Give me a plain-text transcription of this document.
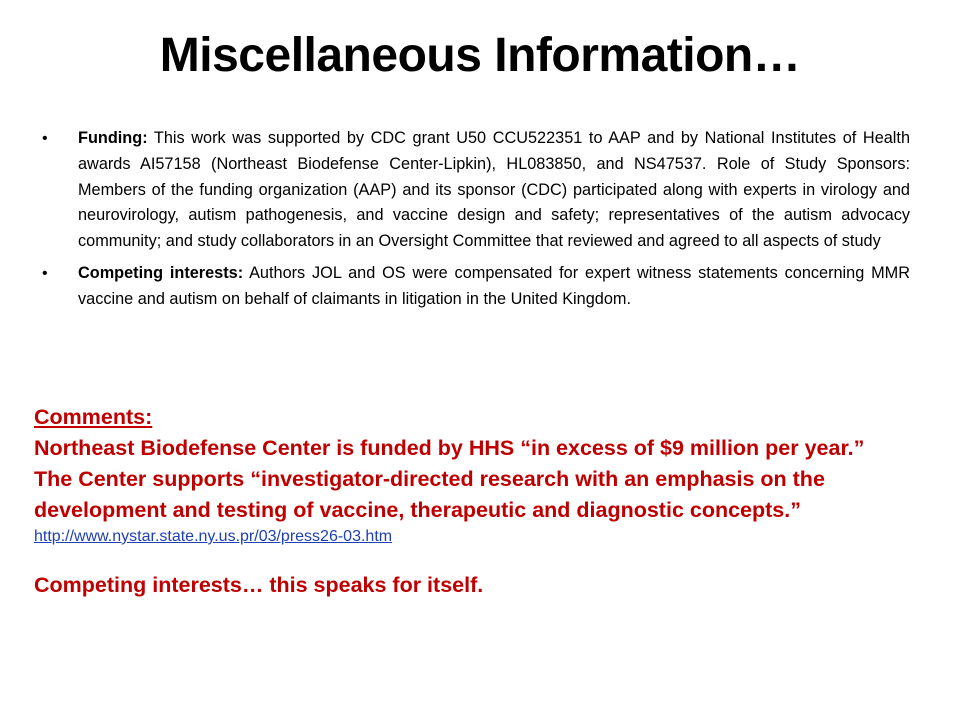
Miscellaneous Information…
• Funding: This work was supported by CDC grant U50 CCU522351 to AAP and by National Institutes of Health awards AI57158 (Northeast Biodefense Center-Lipkin), HL083850, and NS47537. Role of Study Sponsors: Members of the funding organization (AAP) and its sponsor (CDC) participated along with experts in virology and neurovirology, autism pathogenesis, and vaccine design and safety; representatives of the autism advocacy community; and study collaborators in an Oversight Committee that reviewed and agreed to all aspects of study
• Competing interests: Authors JOL and OS were compensated for expert witness statements concerning MMR vaccine and autism on behalf of claimants in litigation in the United Kingdom.
Comments:
Northeast Biodefense Center is funded by HHS “in excess of $9 million per year.”
The Center supports “investigator-directed research with an emphasis on the
development and testing of vaccine, therapeutic and diagnostic concepts.”
http://www.nystar.state.ny.us.pr/03/press26-03.htm
Competing interests… this speaks for itself.
